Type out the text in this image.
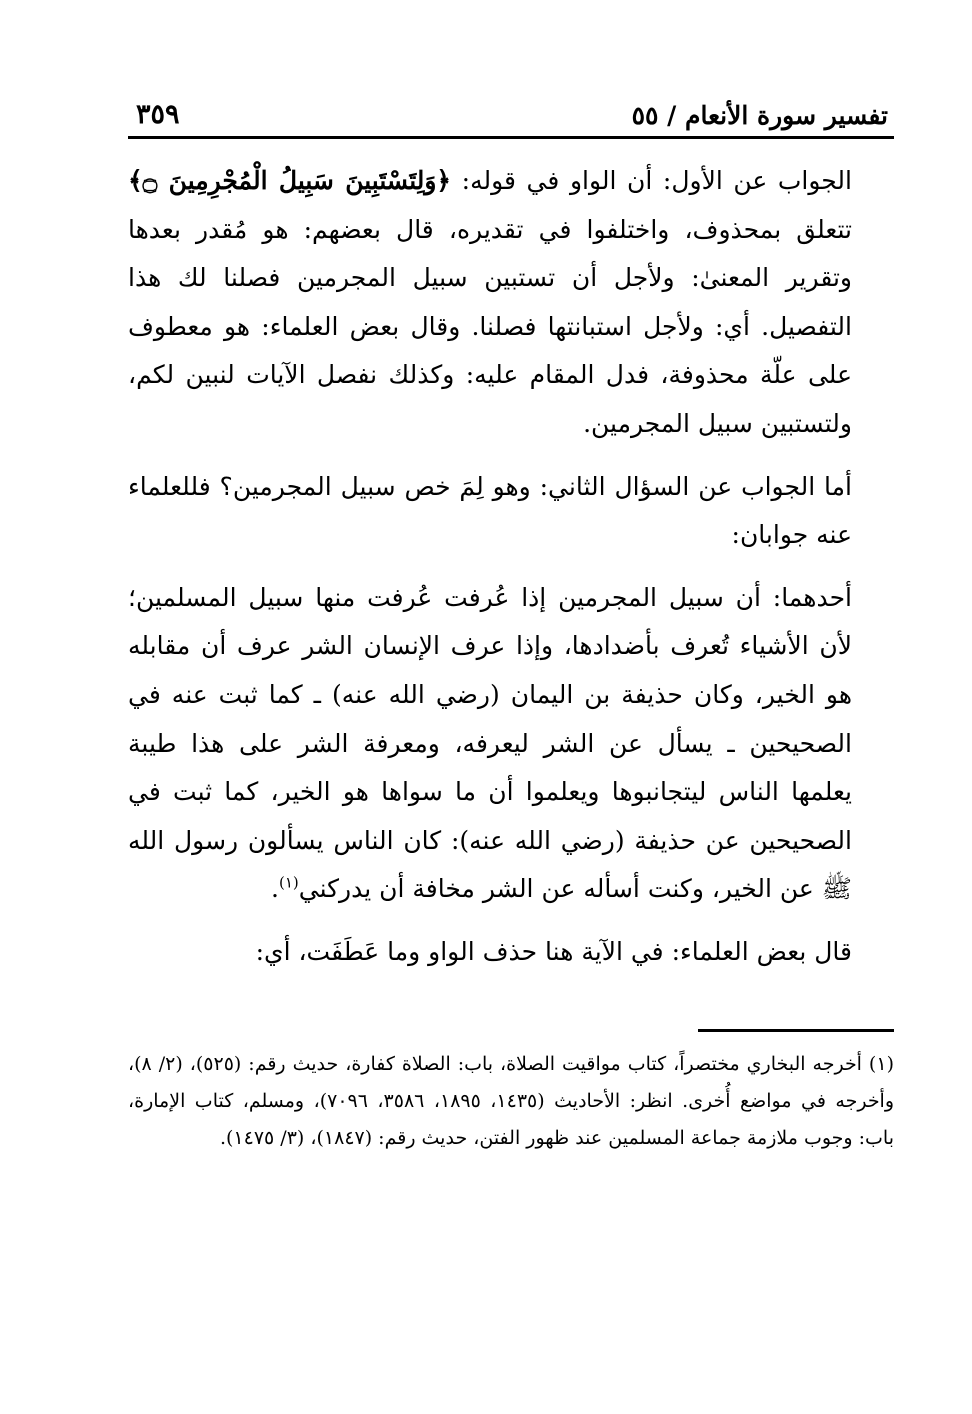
تفسير سورة الأنعام / ٥٥
٣٥٩

الجواب عن الأول: أن الواو في قوله: ﴿وَلِتَسْتَبِينَ سَبِيلُ الْمُجْرِمِينَ ۝﴾ تتعلق بمحذوف، واختلفوا في تقديره، قال بعضهم: هو مُقدر بعدها وتقرير المعنىٰ: ولأجل أن تستبين سبيل المجرمين فصلنا لك هذا التفصيل. أي: ولأجل استبانتها فصلنا. وقال بعض العلماء: هو معطوف على علّة محذوفة، فدل المقام عليه: وكذلك نفصل الآيات لنبين لكم، ولتستبين سبيل المجرمين.

أما الجواب عن السؤال الثاني: وهو لِمَ خص سبيل المجرمين؟ فللعلماء عنه جوابان:

أحدهما: أن سبيل المجرمين إذا عُرفت عُرفت منها سبيل المسلمين؛ لأن الأشياء تُعرف بأضدادها، وإذا عرف الإنسان الشر عرف أن مقابله هو الخير، وكان حذيفة بن اليمان (رضي الله عنه) ـ كما ثبت عنه في الصحيحين ـ يسأل عن الشر ليعرفه، ومعرفة الشر على هذا طيبة يعلمها الناس ليتجانبوها ويعلموا أن ما سواها هو الخير، كما ثبت في الصحيحين عن حذيفة (رضي الله عنه): كان الناس يسألون رسول الله ﷺ عن الخير، وكنت أسأله عن الشر مخافة أن يدركني$^{(١)}$.

قال بعض العلماء: في الآية هنا حذف الواو وما عَطَفَت، أي:

(١) أخرجه البخاري مختصراً، كتاب مواقيت الصلاة، باب: الصلاة كفارة، حديث رقم: (٥٢٥)، (٢/ ٨)، وأخرجه في مواضع أُخرى. انظر: الأحاديث (١٤٣٥، ١٨٩٥، ٣٥٨٦، ٧٠٩٦)، ومسلم، كتاب الإمارة، باب: وجوب ملازمة جماعة المسلمين عند ظهور الفتن، حديث رقم: (١٨٤٧)، (٣/ ١٤٧٥).
